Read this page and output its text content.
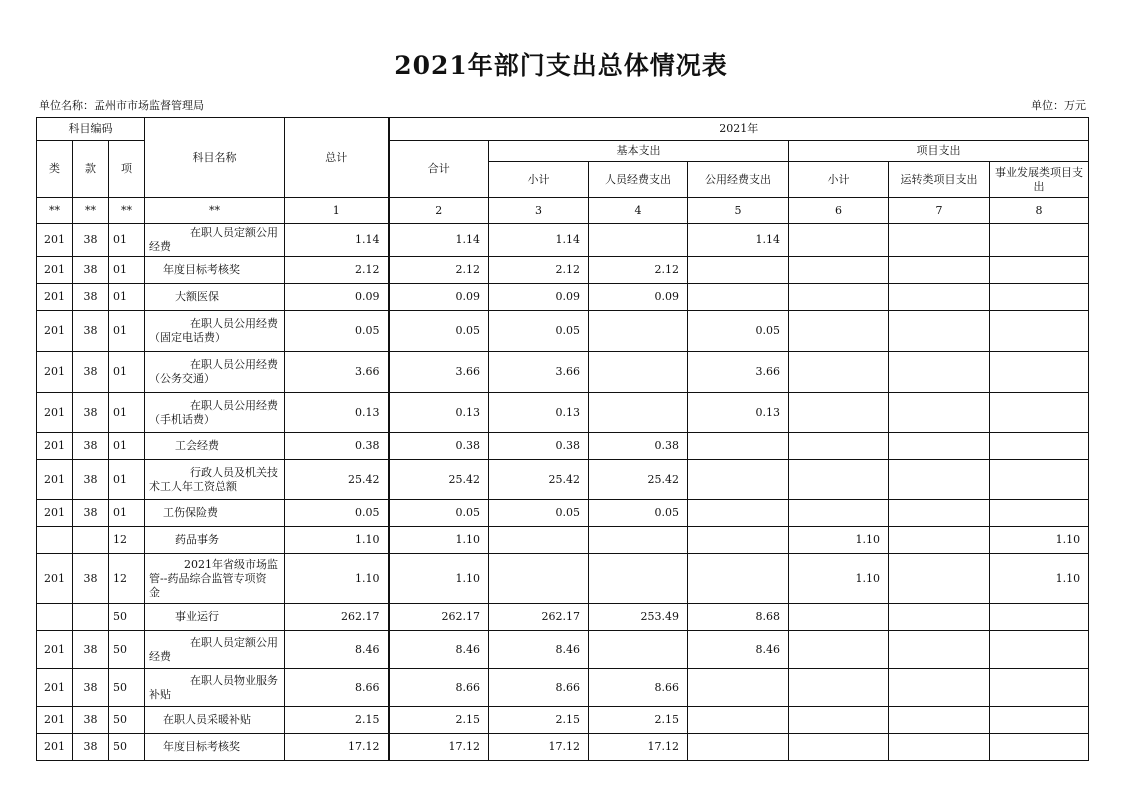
2021年部门支出总体情况表
单位名称：孟州市市场监督管理局	单位：万元
科目编码			科目名称	总计	2021年						
类	款	项			合计	基本支出			项目支出		
						小计	人员经费支出	公用经费支出	小计	运转类项目支出	事业发展类项目支出
**	**	**	**	1	2	3	4	5	6	7	8
201	38	01	在职人员定额公用
经费	1.14	1.14	1.14		1.14			
201	38	01	年度目标考核奖	2.12	2.12	2.12	2.12				
201	38	01	大额医保	0.09	0.09	0.09	0.09				
201	38	01	在职人员公用经费
（固定电话费）	0.05	0.05	0.05		0.05			
201	38	01	在职人员公用经费
（公务交通）	3.66	3.66	3.66		3.66			
201	38	01	在职人员公用经费
（手机话费）	0.13	0.13	0.13		0.13			
201	38	01	工会经费	0.38	0.38	0.38	0.38				
201	38	01	行政人员及机关技
术工人年工资总额	25.42	25.42	25.42	25.42				
201	38	01	工伤保险费	0.05	0.05	0.05	0.05				
		12	药品事务	1.10	1.10				1.10		1.10
201	38	12	2021年省级市场监
管--药品综合监管专项资
金	1.10	1.10				1.10		1.10
		50	事业运行	262.17	262.17	262.17	253.49	8.68			
201	38	50	在职人员定额公用
经费	8.46	8.46	8.46		8.46			
201	38	50	在职人员物业服务
补贴	8.66	8.66	8.66	8.66				
201	38	50	在职人员采暖补贴	2.15	2.15	2.15	2.15				
201	38	50	年度目标考核奖	17.12	17.12	17.12	17.12				
